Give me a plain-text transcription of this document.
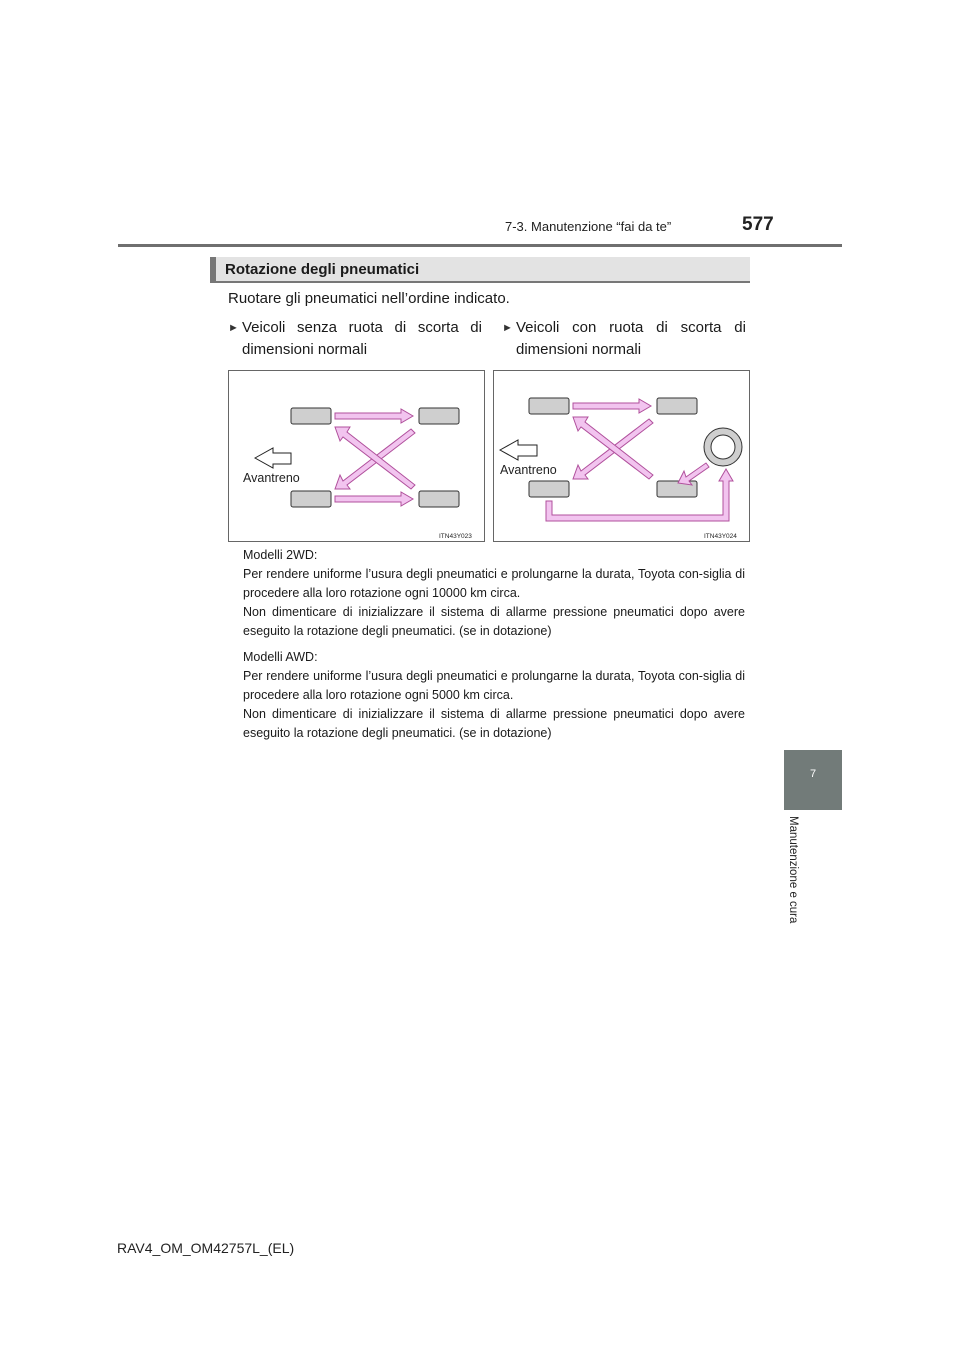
7-3. Manutenzione “fai da te”	577
7
Manutenzione e cura
Rotazione degli pneumatici
Ruotare gli pneumatici nell’ordine indicato.
► Veicoli senza ruota di scorta di dimensioni normali
► Veicoli con ruota di scorta di dimensioni normali
Avantreno
ITN43Y023
Avantreno
ITN43Y024
Modelli 2WD:

Per rendere uniforme l’usura degli pneumatici e prolungarne la durata, Toyota con-siglia di procedere alla loro rotazione ogni 10000 km circa.

Non dimenticare di inizializzare il sistema di allarme pressione pneumatici dopo avere eseguito la rotazione degli pneumatici. (se in dotazione)

Modelli AWD:

Per rendere uniforme l’usura degli pneumatici e prolungarne la durata, Toyota con-siglia di procedere alla loro rotazione ogni 5000 km circa.

Non dimenticare di inizializzare il sistema di allarme pressione pneumatici dopo avere eseguito la rotazione degli pneumatici. (se in dotazione)

RAV4_OM_OM42757L_(EL)
